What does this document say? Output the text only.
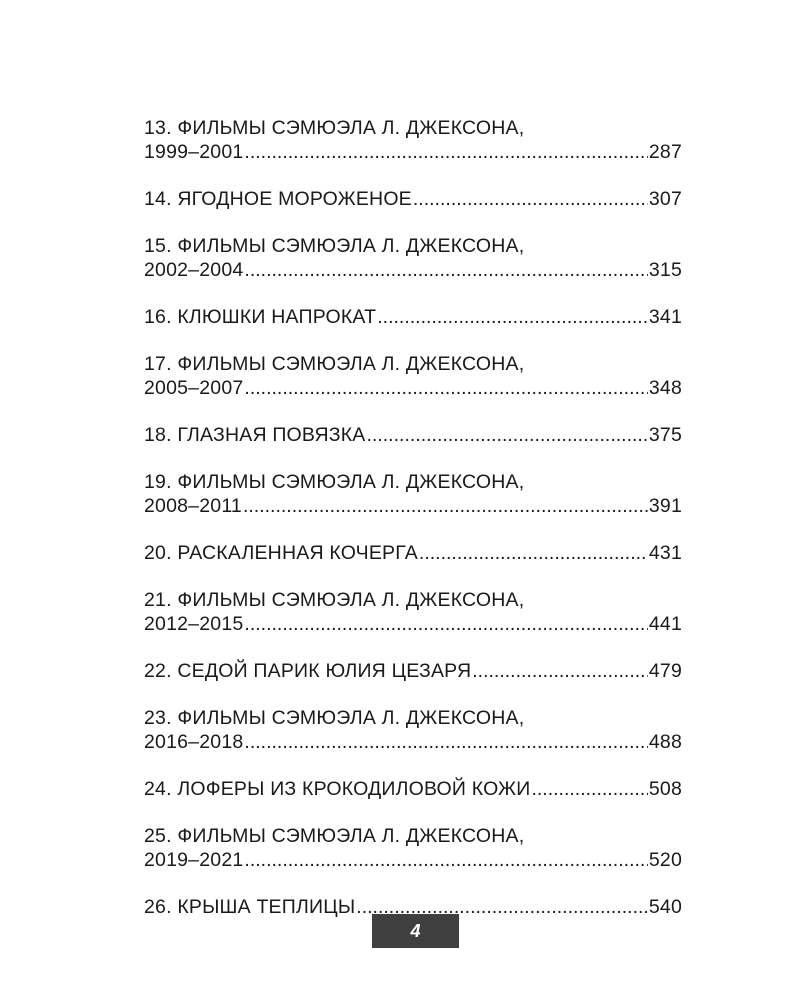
13. ФИЛЬМЫ СЭМЮЭЛА Л. ДЖЕКСОНА,
1999–2001 .....	287
14. ЯГОДНОЕ МОРОЖЕНОЕ .....	307
15. ФИЛЬМЫ СЭМЮЭЛА Л. ДЖЕКСОНА,
2002–2004 .....	315
16. КЛЮШКИ НАПРОКАТ .....	341
17. ФИЛЬМЫ СЭМЮЭЛА Л. ДЖЕКСОНА,
2005–2007 .....	348
18. ГЛАЗНАЯ ПОВЯЗКА .....	375
19. ФИЛЬМЫ СЭМЮЭЛА Л. ДЖЕКСОНА,
2008–2011 .....	391
20. РАСКАЛЕННАЯ КОЧЕРГА .....	431
21. ФИЛЬМЫ СЭМЮЭЛА Л. ДЖЕКСОНА,
2012–2015 .....	441
22. СЕДОЙ ПАРИК ЮЛИЯ ЦЕЗАРЯ .....	479
23. ФИЛЬМЫ СЭМЮЭЛА Л. ДЖЕКСОНА,
2016–2018 .....	488
24. ЛОФЕРЫ ИЗ КРОКОДИЛОВОЙ КОЖИ .....	508
25. ФИЛЬМЫ СЭМЮЭЛА Л. ДЖЕКСОНА,
2019–2021 .....	520
26. КРЫША ТЕПЛИЦЫ .....	540
4
